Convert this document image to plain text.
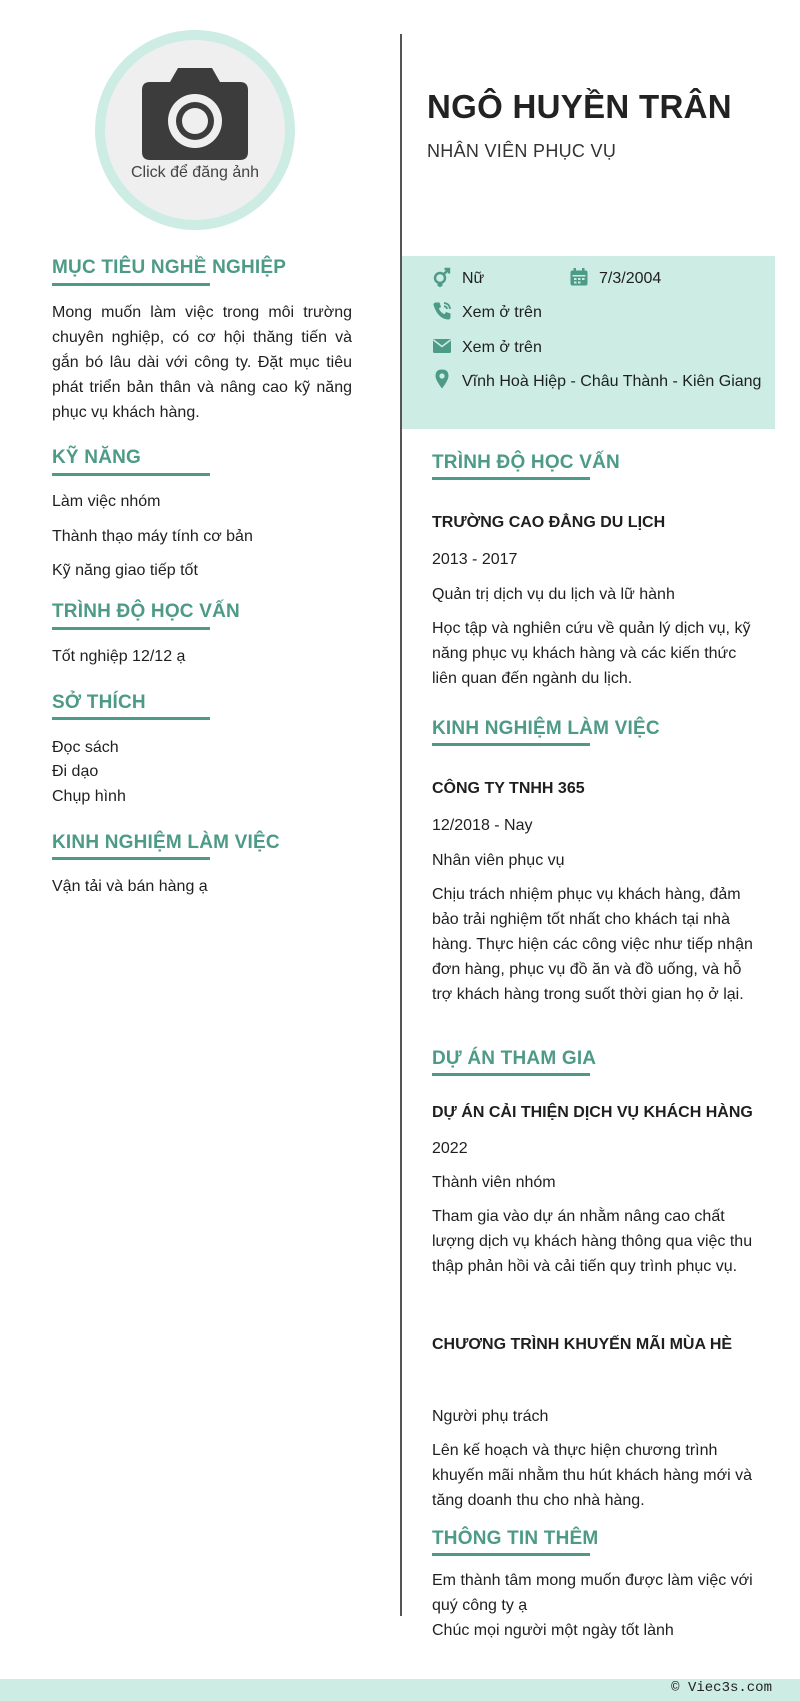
Click để đăng ảnh
MỤC TIÊU NGHỀ NGHIỆP
Mong muốn làm việc trong môi trường chuyên nghiệp, có cơ hội thăng tiến và gắn bó lâu dài với công ty. Đặt mục tiêu phát triển bản thân và nâng cao kỹ năng phục vụ khách hàng.
KỸ NĂNG
Làm việc nhóm
Thành thạo máy tính cơ bản
Kỹ năng giao tiếp tốt
TRÌNH ĐỘ HỌC VẤN
Tốt nghiệp 12/12 ạ
SỞ THÍCH
Đọc sách
Đi dạo
Chụp hình
KINH NGHIỆM LÀM VIỆC
Vận tải và bán hàng ạ
NGÔ HUYỀN TRÂN
NHÂN VIÊN PHỤC VỤ
Nữ	7/3/2004
Xem ở trên
Xem ở trên
Vĩnh Hoà Hiệp - Châu Thành - Kiên Giang
TRÌNH ĐỘ HỌC VẤN
TRƯỜNG CAO ĐẲNG DU LỊCH
2013 - 2017
Quản trị dịch vụ du lịch và lữ hành
Học tập và nghiên cứu về quản lý dịch vụ, kỹ năng phục vụ khách hàng và các kiến thức liên quan đến ngành du lịch.
KINH NGHIỆM LÀM VIỆC
CÔNG TY TNHH 365
12/2018 - Nay
Nhân viên phục vụ
Chịu trách nhiệm phục vụ khách hàng, đảm bảo trải nghiệm tốt nhất cho khách tại nhà hàng. Thực hiện các công việc như tiếp nhận đơn hàng, phục vụ đồ ăn và đồ uống, và hỗ trợ khách hàng trong suốt thời gian họ ở lại.
DỰ ÁN THAM GIA
DỰ ÁN CẢI THIỆN DỊCH VỤ KHÁCH HÀNG
2022
Thành viên nhóm
Tham gia vào dự án nhằm nâng cao chất lượng dịch vụ khách hàng thông qua việc thu thập phản hồi và cải tiến quy trình phục vụ.
CHƯƠNG TRÌNH KHUYẾN MÃI MÙA HÈ
Người phụ trách
Lên kế hoạch và thực hiện chương trình khuyến mãi nhằm thu hút khách hàng mới và tăng doanh thu cho nhà hàng.
THÔNG TIN THÊM
Em thành tâm mong muốn được làm việc với quý công ty ạ
Chúc mọi người một ngày tốt lành
© Viec3s.com
